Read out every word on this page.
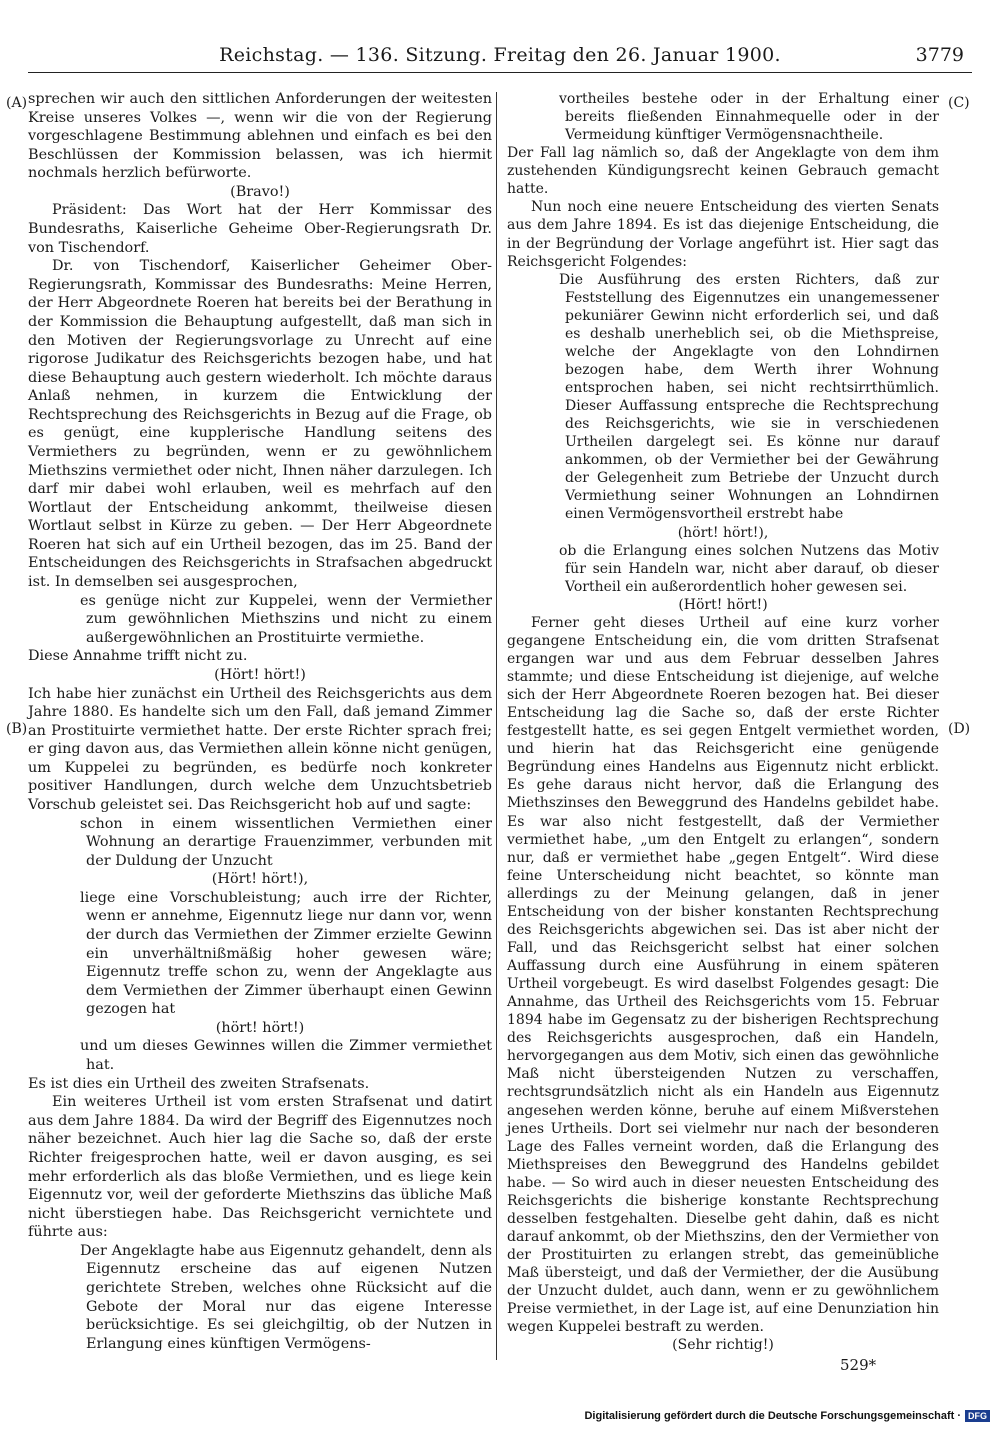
Reichstag. — 136. Sitzung. Freitag den 26. Januar 1900.	3779
(A)
(B)
(C)
(D)

sprechen wir auch den sittlichen Anforderungen der weitesten Kreise unseres Volkes —, wenn wir die von der Regierung vorgeschlagene Bestimmung ablehnen und einfach es bei den Beschlüssen der Kommission belassen, was ich hiermit nochmals herzlich befürworte.

(Bravo!)

Präsident: Das Wort hat der Herr Kommissar des Bundesraths, Kaiserliche Geheime Ober-Regierungsrath Dr. von Tischendorf.

Dr. von Tischendorf, Kaiserlicher Geheimer Ober-Regierungsrath, Kommissar des Bundesraths: Meine Herren, der Herr Abgeordnete Roeren hat bereits bei der Berathung in der Kommission die Behauptung aufgestellt, daß man sich in den Motiven der Regierungsvorlage zu Unrecht auf eine rigorose Judikatur des Reichsgerichts bezogen habe, und hat diese Behauptung auch gestern wiederholt. Ich möchte daraus Anlaß nehmen, in kurzem die Entwicklung der Rechtsprechung des Reichsgerichts in Bezug auf die Frage, ob es genügt, eine kupplerische Handlung seitens des Vermiethers zu begründen, wenn er zu gewöhnlichem Miethszins vermiethet oder nicht, Ihnen näher darzulegen. Ich darf mir dabei wohl erlauben, weil es mehrfach auf den Wortlaut der Entscheidung ankommt, theilweise diesen Wortlaut selbst in Kürze zu geben. — Der Herr Abgeordnete Roeren hat sich auf ein Urtheil bezogen, das im 25. Band der Entscheidungen des Reichsgerichts in Strafsachen abgedruckt ist. In demselben sei ausgesprochen,

es genüge nicht zur Kuppelei, wenn der Vermiether zum gewöhnlichen Miethszins und nicht zu einem außergewöhnlichen an Prostituirte vermiethe.

Diese Annahme trifft nicht zu.

(Hört! hört!)

Ich habe hier zunächst ein Urtheil des Reichsgerichts aus dem Jahre 1880. Es handelte sich um den Fall, daß jemand Zimmer an Prostituirte vermiethet hatte. Der erste Richter sprach frei; er ging davon aus, das Vermiethen allein könne nicht genügen, um Kuppelei zu begründen, es bedürfe noch konkreter positiver Handlungen, durch welche dem Unzuchtsbetrieb Vorschub geleistet sei. Das Reichsgericht hob auf und sagte:

schon in einem wissentlichen Vermiethen einer Wohnung an derartige Frauenzimmer, verbunden mit der Duldung der Unzucht

(Hört! hört!),

liege eine Vorschubleistung; auch irre der Richter, wenn er annehme, Eigennutz liege nur dann vor, wenn der durch das Vermiethen der Zimmer erzielte Gewinn ein unverhältnißmäßig hoher gewesen wäre; Eigennutz treffe schon zu, wenn der Angeklagte aus dem Vermiethen der Zimmer überhaupt einen Gewinn gezogen hat

(hört! hört!)

und um dieses Gewinnes willen die Zimmer vermiethet hat.

Es ist dies ein Urtheil des zweiten Strafsenats.

Ein weiteres Urtheil ist vom ersten Strafsenat und datirt aus dem Jahre 1884. Da wird der Begriff des Eigennutzes noch näher bezeichnet. Auch hier lag die Sache so, daß der erste Richter freigesprochen hatte, weil er davon ausging, es sei mehr erforderlich als das bloße Vermiethen, und es liege kein Eigennutz vor, weil der geforderte Miethszins das übliche Maß nicht überstiegen habe. Das Reichsgericht vernichtete und führte aus:

Der Angeklagte habe aus Eigennutz gehandelt, denn als Eigennutz erscheine das auf eigenen Nutzen gerichtete Streben, welches ohne Rücksicht auf die Gebote der Moral nur das eigene Interesse berücksichtige. Es sei gleichgiltig, ob der Nutzen in Erlangung eines künftigen Vermögens-

vortheiles bestehe oder in der Erhaltung einer bereits fließenden Einnahmequelle oder in der Vermeidung künftiger Vermögensnachtheile.

Der Fall lag nämlich so, daß der Angeklagte von dem ihm zustehenden Kündigungsrecht keinen Gebrauch gemacht hatte.

Nun noch eine neuere Entscheidung des vierten Senats aus dem Jahre 1894. Es ist das diejenige Entscheidung, die in der Begründung der Vorlage angeführt ist. Hier sagt das Reichsgericht Folgendes:

Die Ausführung des ersten Richters, daß zur Feststellung des Eigennutzes ein unangemessener pekuniärer Gewinn nicht erforderlich sei, und daß es deshalb unerheblich sei, ob die Miethspreise, welche der Angeklagte von den Lohndirnen bezogen habe, dem Werth ihrer Wohnung entsprochen haben, sei nicht rechtsirrthümlich. Dieser Auffassung entspreche die Rechtsprechung des Reichsgerichts, wie sie in verschiedenen Urtheilen dargelegt sei. Es könne nur darauf ankommen, ob der Vermiether bei der Gewährung der Gelegenheit zum Betriebe der Unzucht durch Vermiethung seiner Wohnungen an Lohndirnen einen Vermögensvortheil erstrebt habe

(hört! hört!),

ob die Erlangung eines solchen Nutzens das Motiv für sein Handeln war, nicht aber darauf, ob dieser Vortheil ein außerordentlich hoher gewesen sei.

(Hört! hört!)

Ferner geht dieses Urtheil auf eine kurz vorher gegangene Entscheidung ein, die vom dritten Strafsenat ergangen war und aus dem Februar desselben Jahres stammte; und diese Entscheidung ist diejenige, auf welche sich der Herr Abgeordnete Roeren bezogen hat. Bei dieser Entscheidung lag die Sache so, daß der erste Richter festgestellt hatte, es sei gegen Entgelt vermiethet worden, und hierin hat das Reichsgericht eine genügende Begründung eines Handelns aus Eigennutz nicht erblickt. Es gehe daraus nicht hervor, daß die Erlangung des Miethszinses den Beweggrund des Handelns gebildet habe. Es war also nicht festgestellt, daß der Vermiether vermiethet habe, „um den Entgelt zu erlangen“, sondern nur, daß er vermiethet habe „gegen Entgelt“. Wird diese feine Unterscheidung nicht beachtet, so könnte man allerdings zu der Meinung gelangen, daß in jener Entscheidung von der bisher konstanten Rechtsprechung des Reichsgerichts abgewichen sei. Das ist aber nicht der Fall, und das Reichsgericht selbst hat einer solchen Auffassung durch eine Ausführung in einem späteren Urtheil vorgebeugt. Es wird daselbst Folgendes gesagt: Die Annahme, das Urtheil des Reichsgerichts vom 15. Februar 1894 habe im Gegensatz zu der bisherigen Rechtsprechung des Reichsgerichts ausgesprochen, daß ein Handeln, hervorgegangen aus dem Motiv, sich einen das gewöhnliche Maß nicht übersteigenden Nutzen zu verschaffen, rechtsgrundsätzlich nicht als ein Handeln aus Eigennutz angesehen werden könne, beruhe auf einem Mißverstehen jenes Urtheils. Dort sei vielmehr nur nach der besonderen Lage des Falles verneint worden, daß die Erlangung des Miethspreises den Beweggrund des Handelns gebildet habe. — So wird auch in dieser neuesten Entscheidung des Reichsgerichts die bisherige konstante Rechtsprechung desselben festgehalten. Dieselbe geht dahin, daß es nicht darauf ankommt, ob der Miethszins, den der Vermiether von der Prostituirten zu erlangen strebt, das gemeinübliche Maß übersteigt, und daß der Vermiether, der die Ausübung der Unzucht duldet, auch dann, wenn er zu gewöhnlichem Preise vermiethet, in der Lage ist, auf eine Denunziation hin wegen Kuppelei bestraft zu werden.

(Sehr richtig!)

529*
Digitalisierung gefördert durch die Deutsche Forschungsgemeinschaft · DFG
